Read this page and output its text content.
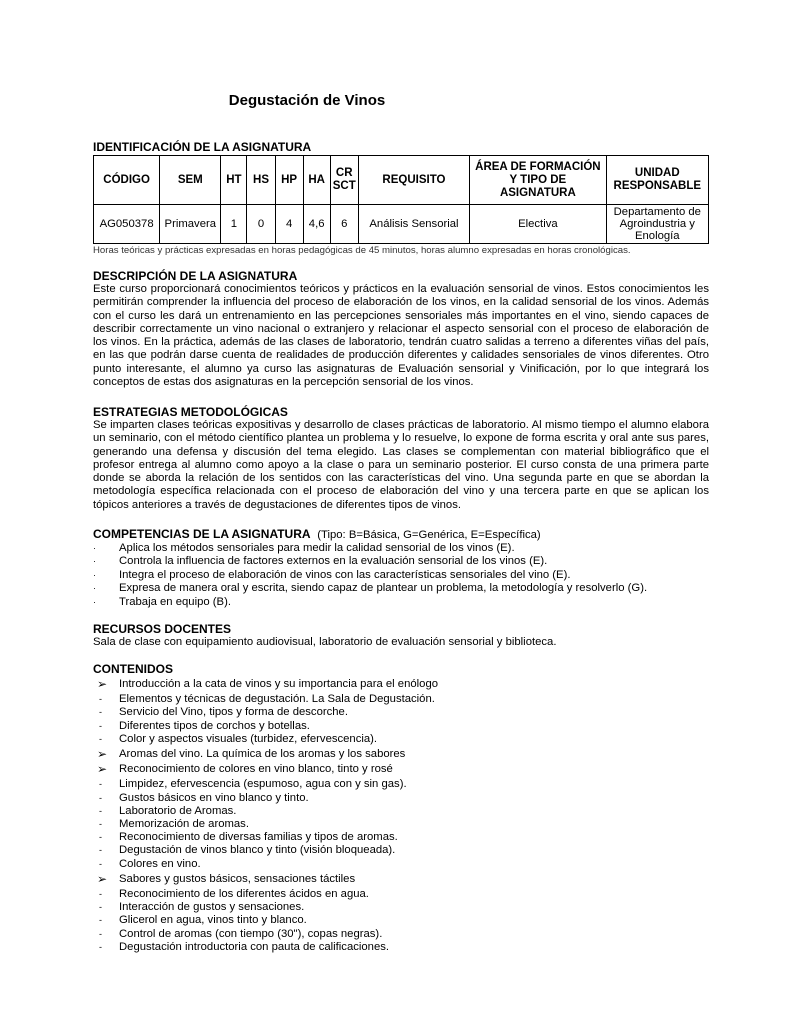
Degustación de Vinos

IDENTIFICACIÓN DE LA ASIGNATURA

CÓDIGO	SEM	HT	HS	HP	HA	CR SCT	REQUISITO	ÁREA DE FORMACIÓN Y TIPO DE ASIGNATURA	UNIDAD RESPONSABLE
AG050378	Primavera	1	0	4	4,6	6	Análisis Sensorial	Electiva	Departamento de Agroindustria y Enología

Horas teóricas y prácticas expresadas en horas pedagógicas de 45 minutos, horas alumno expresadas en horas cronológicas.

DESCRIPCIÓN DE LA ASIGNATURA

Este curso proporcionará conocimientos teóricos y prácticos en la evaluación sensorial de vinos. Estos conocimientos les permitirán comprender la influencia del proceso de elaboración de los vinos, en la calidad sensorial de los vinos. Además con el curso les dará un entrenamiento en las percepciones sensoriales más importantes en el vino, siendo capaces de describir correctamente un vino nacional o extranjero y relacionar el aspecto sensorial con el proceso de elaboración de los vinos. En la práctica, además de las clases de laboratorio, tendrán cuatro salidas a terreno a diferentes viñas del país, en las que podrán darse cuenta de realidades de producción diferentes y calidades sensoriales de vinos diferentes. Otro punto interesante, el alumno ya curso las asignaturas de Evaluación sensorial y Vinificación, por lo que integrará los conceptos de estas dos asignaturas en la percepción sensorial de los vinos.

ESTRATEGIAS METODOLÓGICAS

Se imparten clases teóricas expositivas y desarrollo de clases prácticas de laboratorio. Al mismo tiempo el alumno elabora un seminario, con el método científico plantea un problema y lo resuelve, lo expone de forma escrita y oral ante sus pares, generando una defensa y discusión del tema elegido. Las clases se complementan con material bibliográfico que el profesor entrega al alumno como apoyo a la clase o para un seminario posterior. El curso consta de una primera parte donde se aborda la relación de los sentidos con las características del vino. Una segunda parte en que se abordan la metodología específica relacionada con el proceso de elaboración del vino y una tercera parte en que se aplican los tópicos anteriores a través de degustaciones de diferentes tipos de vinos.

COMPETENCIAS DE LA ASIGNATURA (Tipo: B=Básica, G=Genérica, E=Específica)

·	Aplica los métodos sensoriales para medir la calidad sensorial de los vinos (E).
·	Controla la influencia de factores externos en la evaluación sensorial de los vinos (E).
·	Integra el proceso de elaboración de vinos con las características sensoriales del vino (E).
·	Expresa de manera oral y escrita, siendo capaz de plantear un problema, la metodología y resolverlo (G).
·	Trabaja en equipo (B).

RECURSOS DOCENTES

Sala de clase con equipamiento audiovisual, laboratorio de evaluación sensorial y biblioteca.

CONTENIDOS

➢ Introducción a la cata de vinos y su importancia para el enólogo
- Elementos y técnicas de degustación. La Sala de Degustación.
- Servicio del Vino, tipos y forma de descorche.
- Diferentes tipos de corchos y botellas.
- Color y aspectos visuales (turbidez, efervescencia).
➢ Aromas del vino. La química de los aromas y los sabores
➢ Reconocimiento de colores en vino blanco, tinto y rosé
- Limpidez, efervescencia (espumoso, agua con y sin gas).
- Gustos básicos en vino blanco y tinto.
- Laboratorio de Aromas.
- Memorización de aromas.
- Reconocimiento de diversas familias y tipos de aromas.
- Degustación de vinos blanco y tinto (visión bloqueada).
- Colores en vino.
➢ Sabores y gustos básicos, sensaciones táctiles
- Reconocimiento de los diferentes ácidos en agua.
- Interacción de gustos y sensaciones.
- Glicerol en agua, vinos tinto y blanco.
- Control de aromas (con tiempo (30"), copas negras).
- Degustación introductoria con pauta de calificaciones.
